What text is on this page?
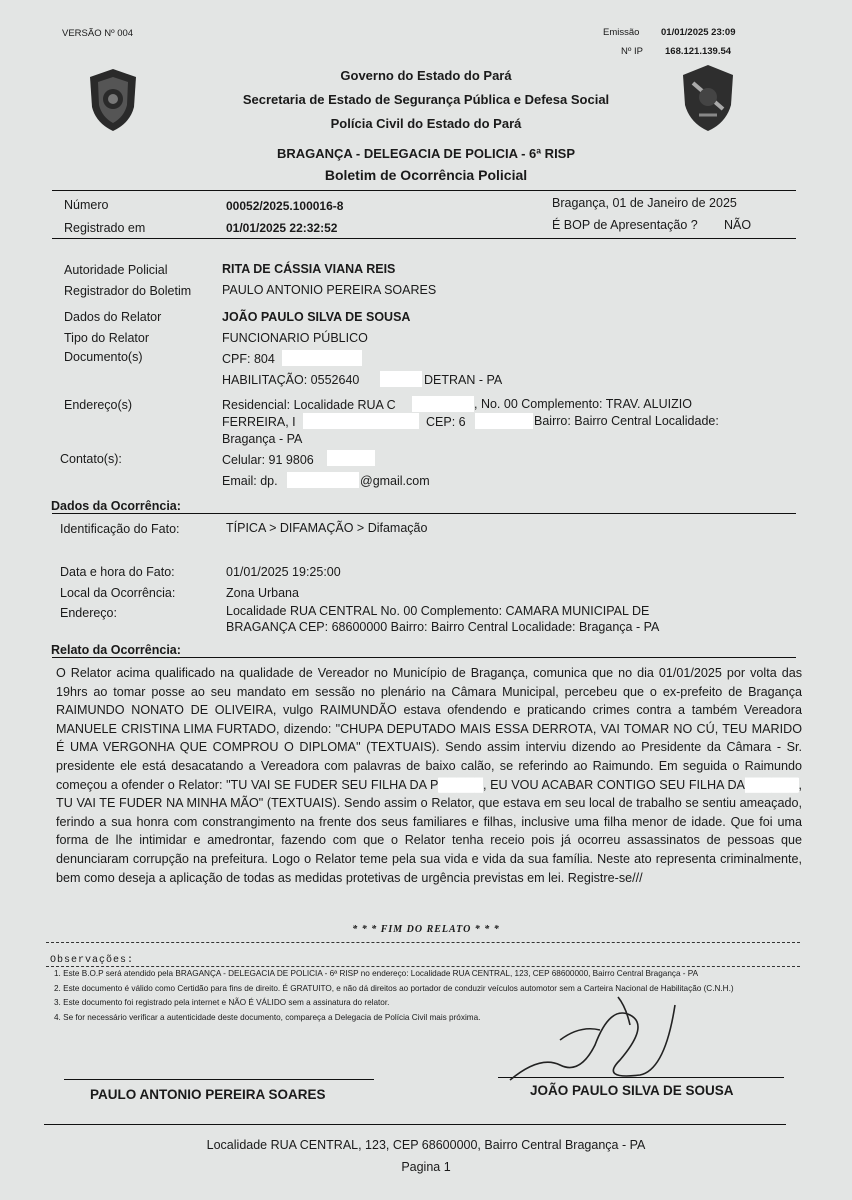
VERSÃO Nº 004	Emissão 01/01/2025 23:09
Nº IP 168.121.139.54
Governo do Estado do Pará
Secretaria de Estado de Segurança Pública e Defesa Social
Polícia Civil do Estado do Pará
BRAGANÇA - DELEGACIA DE POLICIA - 6ª RISP
Boletim de Ocorrência Policial
Número	00052/2025.100016-8	Bragança, 01 de Janeiro de 2025
Registrado em	01/01/2025 22:32:52	É BOP de Apresentação ? NÃO
Autoridade Policial	RITA DE CÁSSIA VIANA REIS
Registrador do Boletim PAULO ANTONIO PEREIRA SOARES
Dados do Relator	JOÃO PAULO SILVA DE SOUSA
Tipo do Relator	FUNCIONARIO PÚBLICO
Documento(s)	CPF: 804
HABILITAÇÃO: 0552640	DETRAN - PA
Endereço(s)	Residencial: Localidade RUA C	, No. 00 Complemento: TRAV. ALUIZIO
FERREIRA, I	CEP: 6	Bairro: Bairro Central Localidade:
Bragança - PA
Contato(s):	Celular: 91 9806
Email: dp.	@gmail.com
Dados da Ocorrência:
Identificação do Fato:	TÍPICA > DIFAMAÇÃO > Difamação
Data e hora do Fato:	01/01/2025 19:25:00
Local da Ocorrência:	Zona Urbana
Endereço:	Localidade RUA CENTRAL No. 00 Complemento: CAMARA MUNICIPAL DE
BRAGANÇA CEP: 68600000 Bairro: Bairro Central Localidade: Bragança - PA
Relato da Ocorrência:

O Relator acima qualificado na qualidade de Vereador no Município de Bragança, comunica que no dia 01/01/2025 por volta das 19hrs ao tomar posse ao seu mandato em sessão no plenário na Câmara Municipal, percebeu que o ex-prefeito de Bragança RAIMUNDO NONATO DE OLIVEIRA, vulgo RAIMUNDÃO estava ofendendo e praticando crimes contra a também Vereadora MANUELE CRISTINA LIMA FURTADO, dizendo: "CHUPA DEPUTADO MAIS ESSA DERROTA, VAI TOMAR NO CÚ, TEU MARIDO É UMA VERGONHA QUE COMPROU O DIPLOMA" (TEXTUAIS). Sendo assim interviu dizendo ao Presidente da Câmara - Sr. presidente ele está desacatando a Vereadora com palavras de baixo calão, se referindo ao Raimundo. Em seguida o Raimundo começou a ofender o Relator: "TU VAI SE FUDER SEU FILHA DA P█████, EU VOU ACABAR CONTIGO SEU FILHA DA██████, TU VAI TE FUDER NA MINHA MÃO" (TEXTUAIS). Sendo assim o Relator, que estava em seu local de trabalho se sentiu ameaçado, ferindo a sua honra com constrangimento na frente dos seus familiares e filhas, inclusive uma filha menor de idade. Que foi uma forma de lhe intimidar e amedrontar, fazendo com que o Relator tenha receio pois já ocorreu assassinatos de pessoas que denunciaram corrupção na prefeitura. Logo o Relator teme pela sua vida e vida da sua família. Neste ato representa criminalmente, bem como deseja a aplicação de todas as medidas protetivas de urgência previstas em lei. Registre-se///

* * * FIM DO RELATO * * *
Observações:
1. Este B.O.P será atendido pela BRAGANÇA - DELEGACIA DE POLICIA - 6ª RISP no endereço: Localidade RUA CENTRAL, 123, CEP 68600000, Bairro Central Bragança - PA
2. Este documento é válido como Certidão para fins de direito. É GRATUITO, e não dá direitos ao portador de conduzir veículos automotor sem a Carteira Nacional de Habilitação (C.N.H.)
3. Este documento foi registrado pela internet e NÃO É VÁLIDO sem a assinatura do relator.
4. Se for necessário verificar a autenticidade deste documento, compareça a Delegacia de Polícia Civil mais próxima.
PAULO ANTONIO PEREIRA SOARES	JOÃO PAULO SILVA DE SOUSA
Localidade RUA CENTRAL, 123, CEP 68600000, Bairro Central Bragança - PA
Pagina 1
